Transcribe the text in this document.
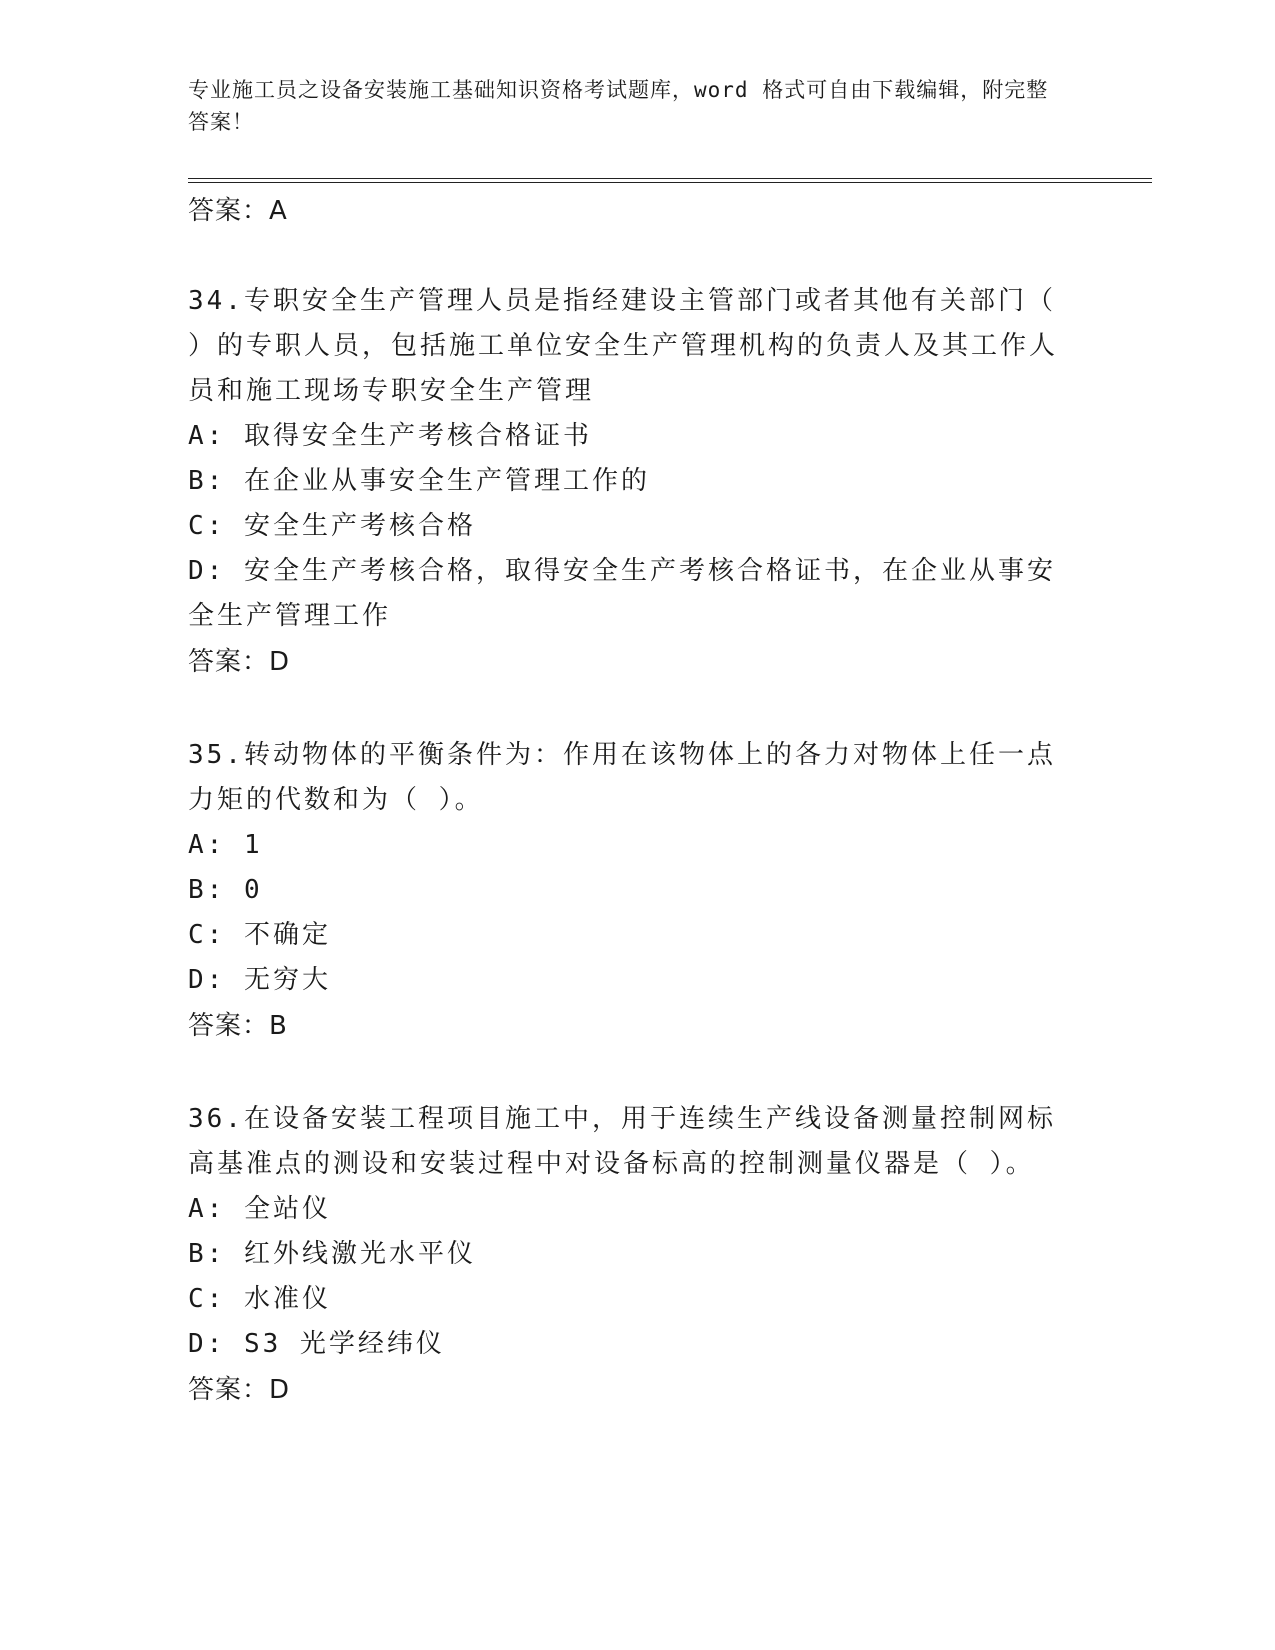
专业施工员之设备安装施工基础知识资格考试题库，word 格式可自由下载编辑，附完整答案！
答案：A
34.专职安全生产管理人员是指经建设主管部门或者其他有关部门（ ）的专职人员，包括施工单位安全生产管理机构的负责人及其工作人员和施工现场专职安全生产管理
A: 取得安全生产考核合格证书
B: 在企业从事安全生产管理工作的
C: 安全生产考核合格
D: 安全生产考核合格，取得安全生产考核合格证书，在企业从事安全生产管理工作
答案：D
35.转动物体的平衡条件为：作用在该物体上的各力对物体上任一点力矩的代数和为（ ）。
A: 1
B: 0
C: 不确定
D: 无穷大
答案：B
36.在设备安装工程项目施工中，用于连续生产线设备测量控制网标高基准点的测设和安装过程中对设备标高的控制测量仪器是（ ）。
A: 全站仪
B: 红外线激光水平仪
C: 水准仪
D: S3 光学经纬仪
答案：D
